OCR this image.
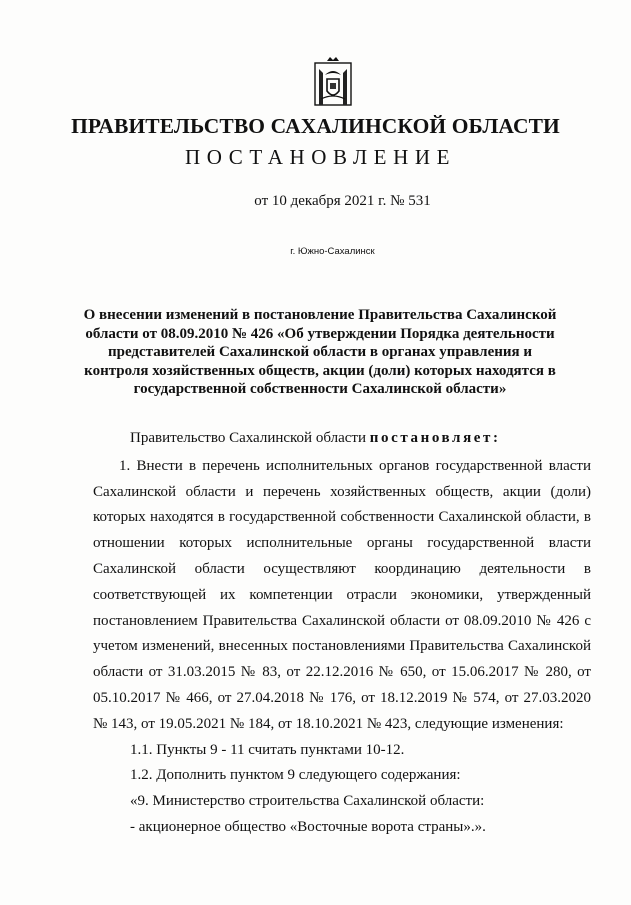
ПРАВИТЕЛЬСТВО САХАЛИНСКОЙ ОБЛАСТИ
ПОСТАНОВЛЕНИЕ
от 10 декабря 2021 г. № 531
г. Южно-Сахалинск
О внесении изменений в постановление Правительства Сахалинской области от 08.09.2010 № 426 «Об утверждении Порядка деятельности представителей Сахалинской области в органах управления и контроля хозяйственных обществ, акции (доли) которых находятся в государственной собственности Сахалинской области»

Правительство Сахалинской области постановляет:

1. Внести в перечень исполнительных органов государственной власти

Сахалинской области и перечень хозяйственных обществ, акции (доли)

которых находятся в государственной собственности Сахалинской области, в

отношении которых исполнительные органы государственной власти

Сахалинской области осуществляют координацию деятельности в

соответствующей их компетенции отрасли экономики, утвержденный

постановлением Правительства Сахалинской области от 08.09.2010 № 426 с

учетом изменений, внесенных постановлениями Правительства Сахалинской

области от 31.03.2015 № 83, от 22.12.2016 № 650, от 15.06.2017 № 280, от

05.10.2017 № 466, от 27.04.2018 № 176, от 18.12.2019 № 574, от 27.03.2020

№ 143, от 19.05.2021 № 184, от 18.10.2021 № 423, следующие изменения:

1.1. Пункты 9 - 11 считать пунктами 10-12.

1.2. Дополнить пунктом 9 следующего содержания:

«9. Министерство строительства Сахалинской области:

- акционерное общество «Восточные ворота страны».».
